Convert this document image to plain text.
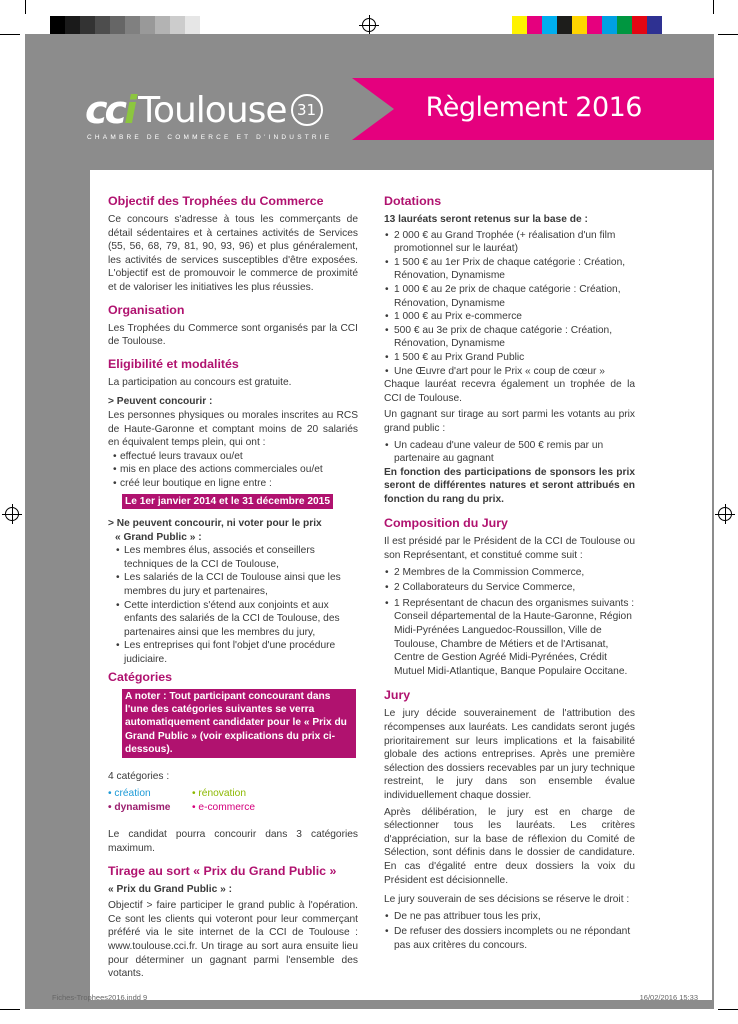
cci Toulouse 31
CHAMBRE DE COMMERCE ET D'INDUSTRIE
Règlement 2016
Objectif des Trophées du Commerce

Ce concours s'adresse à tous les commerçants de détail sédentaires et à certaines activités de Services (55, 56, 68, 79, 81, 90, 93, 96) et plus généralement, les activités de services susceptibles d'être exposées. L'objectif est de promouvoir le commerce de proximité et de valoriser les initiatives les plus réussies.

Organisation

Les Trophées du Commerce sont organisés par la CCI de Toulouse.

Eligibilité et modalités

La participation au concours est gratuite.

> Peuvent concourir :

Les personnes physiques ou morales inscrites au RCS de Haute-Garonne et comptant moins de 20 salariés en équivalent temps plein, qui ont :

• effectué leurs travaux ou/et
• mis en place des actions commerciales ou/et
• créé leur boutique en ligne entre :
Le 1er janvier 2014 et le 31 décembre 2015
> Ne peuvent concourir, ni voter pour le prix
« Grand Public » :
• Les membres élus, associés et conseillers techniques de la CCI de Toulouse,
• Les salariés de la CCI de Toulouse ainsi que les membres du jury et partenaires,
• Cette interdiction s'étend aux conjoints et aux enfants des salariés de la CCI de Toulouse, des partenaires ainsi que les membres du jury,
• Les entreprises qui font l'objet d'une procédure judiciaire.
Catégories
A noter : Tout participant concourant dans l'une des catégories suivantes se verra automatiquement candidater pour le « Prix du Grand Public » (voir explications du prix ci-dessous).
4 catégories :
• création	• rénovation
• dynamisme	• e-commerce

Le candidat pourra concourir dans 3 catégories maximum.

Tirage au sort « Prix du Grand Public »
« Prix du Grand Public » :

Objectif > faire participer le grand public à l'opération. Ce sont les clients qui voteront pour leur commerçant préféré via le site internet de la CCI de Toulouse : www.toulouse.cci.fr. Un tirage au sort aura ensuite lieu pour déterminer un gagnant parmi l'ensemble des votants.

Dotations
13 lauréats seront retenus sur la base de :
• 2 000 € au Grand Trophée (+ réalisation d'un film promotionnel sur le lauréat)
• 1 500 € au 1er Prix de chaque catégorie : Création, Rénovation, Dynamisme
• 1 000 € au 2e prix de chaque catégorie : Création, Rénovation, Dynamisme
• 1 000 € au Prix e-commerce
• 500 € au 3e prix de chaque catégorie : Création, Rénovation, Dynamisme
• 1 500 € au Prix Grand Public
• Une Œuvre d'art pour le Prix « coup de cœur »

Chaque lauréat recevra également un trophée de la CCI de Toulouse.

Un gagnant sur tirage au sort parmi les votants au prix grand public :

• Un cadeau d'une valeur de 500 € remis par un partenaire au gagnant

En fonction des participations de sponsors les prix seront de différentes natures et seront attribués en fonction du rang du prix.

Composition du Jury

Il est présidé par le Président de la CCI de Toulouse ou son Représentant, et constitué comme suit :

• 2 Membres de la Commission Commerce,
• 2 Collaborateurs du Service Commerce,
• 1 Représentant de chacun des organismes suivants : Conseil départemental de la Haute-Garonne, Région Midi-Pyrénées Languedoc-Roussillon, Ville de Toulouse, Chambre de Métiers et de l'Artisanat, Centre de Gestion Agréé Midi-Pyrénées, Crédit Mutuel Midi-Atlantique, Banque Populaire Occitane.
Jury

Le jury décide souverainement de l'attribution des récompenses aux lauréats. Les candidats seront jugés prioritairement sur leurs implications et la faisabilité globale des actions entreprises. Après une première sélection des dossiers recevables par un jury technique restreint, le jury dans son ensemble évalue individuellement chaque dossier.

Après délibération, le jury est en charge de sélectionner tous les lauréats. Les critères d'appréciation, sur la base de réflexion du Comité de Sélection, sont définis dans le dossier de candidature. En cas d'égalité entre deux dossiers la voix du Président est décisionnelle.

Le jury souverain de ses décisions se réserve le droit :

• De ne pas attribuer tous les prix,
• De refuser des dossiers incomplets ou ne répondant pas aux critères du concours.
Fiches-Trophees2016.indd 9	16/02/2016 15:33
